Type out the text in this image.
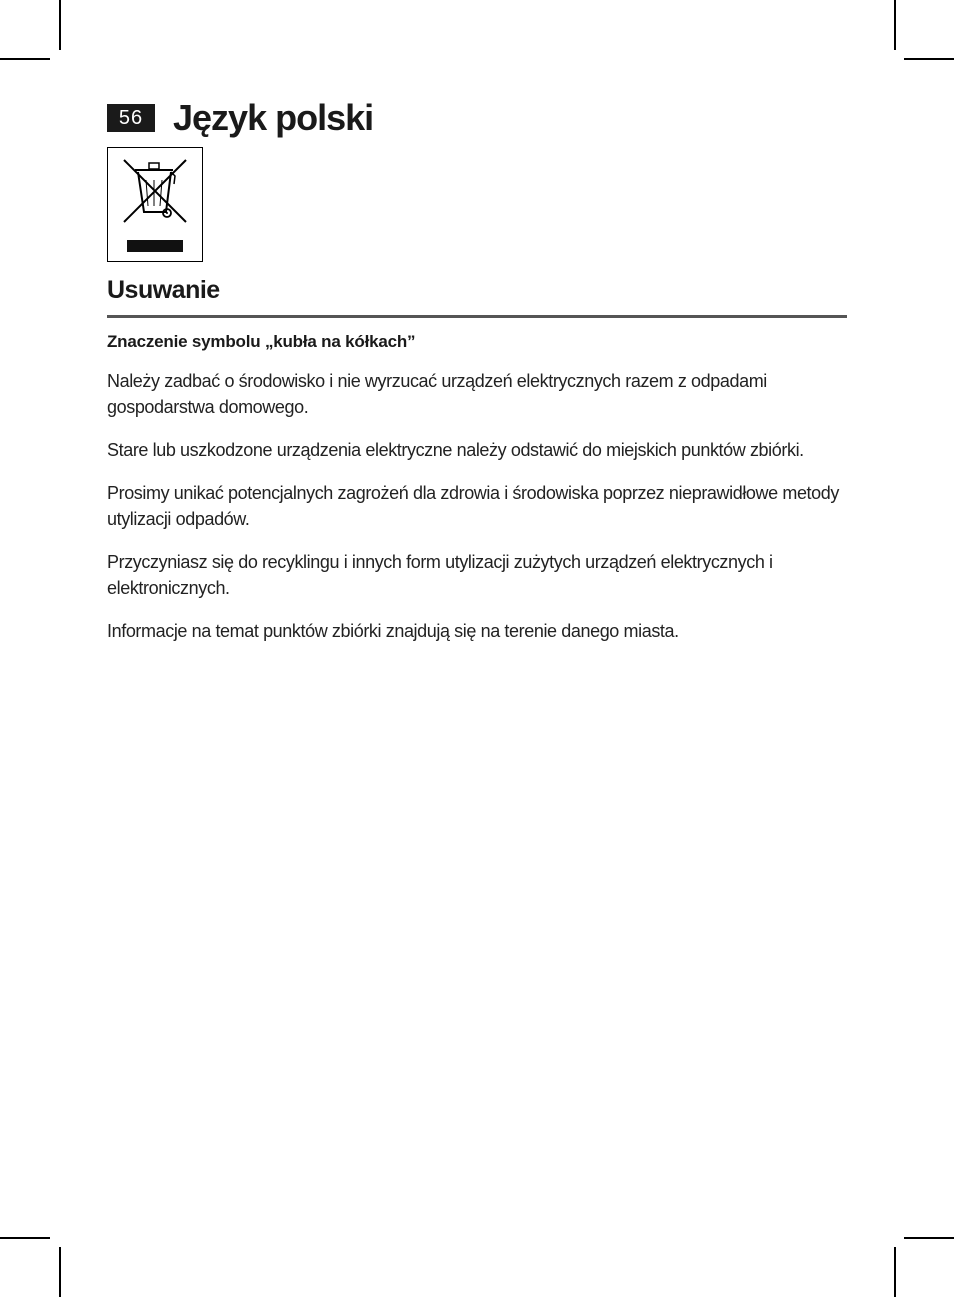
56 Język polski
Usuwanie

Znaczenie symbolu „kubła na kółkach”

Należy zadbać o środowisko i nie wyrzucać urządzeń elektrycznych razem z odpadami gospodarstwa domowego.

Stare lub uszkodzone urządzenia elektryczne należy odstawić do miejskich punktów zbiórki.

Prosimy unikać potencjalnych zagrożeń dla zdrowia i środowiska poprzez nieprawidłowe metody utylizacji odpadów.

Przyczyniasz się do recyklingu i innych form utylizacji zużytych urządzeń elektrycznych i elektronicznych.

Informacje na temat punktów zbiórki znajdują się na terenie danego miasta.
